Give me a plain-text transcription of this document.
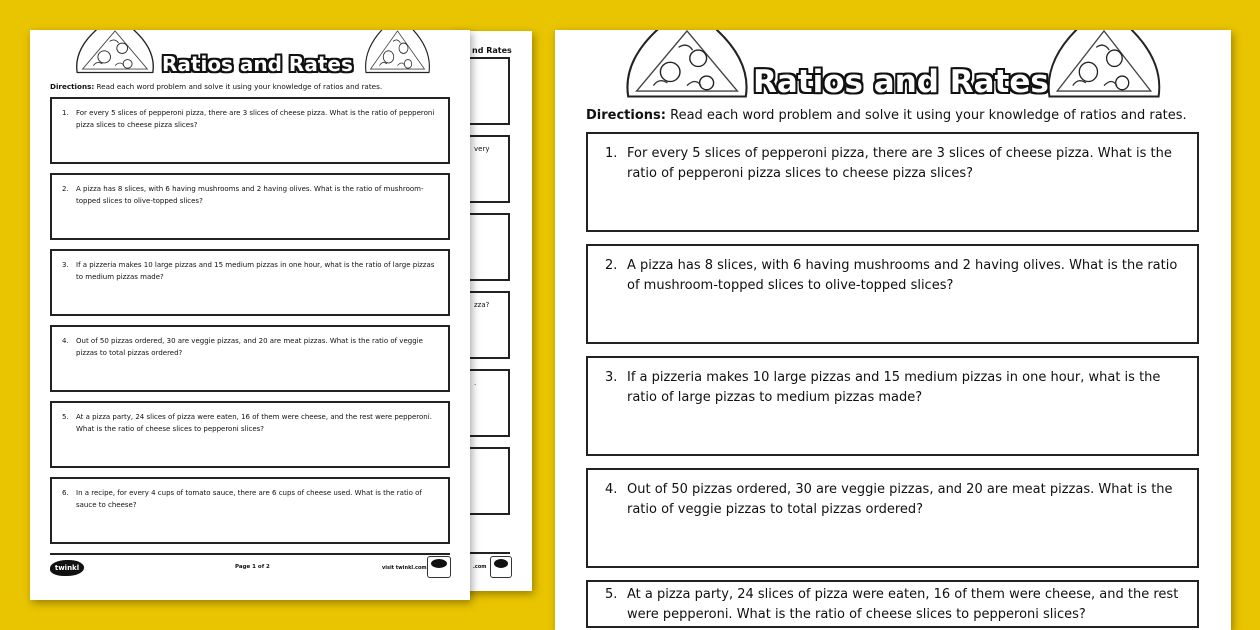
nd Rates
very
zza?
.
.com
Ratios and Rates
Directions: Read each word problem and solve it using your knowledge of ratios and rates.
1.	For every 5 slices of pepperoni pizza, there are 3 slices of cheese pizza. What is the ratio of pepperoni pizza slices to cheese pizza slices?
2.	A pizza has 8 slices, with 6 having mushrooms and 2 having olives. What is the ratio of mushroom-topped slices to olive-topped slices?
3.	If a pizzeria makes 10 large pizzas and 15 medium pizzas in one hour, what is the ratio of large pizzas to medium pizzas made?
4.	Out of 50 pizzas ordered, 30 are veggie pizzas, and 20 are meat pizzas. What is the ratio of veggie pizzas to total pizzas ordered?
5.	At a pizza party, 24 slices of pizza were eaten, 16 of them were cheese, and the rest were pepperoni. What is the ratio of cheese slices to pepperoni slices?
6.	In a recipe, for every 4 cups of tomato sauce, there are 6 cups of cheese used. What is the ratio of sauce to cheese?
twinkl	Page 1 of 2	visit twinkl.com
Ratios and Rates
Directions: Read each word problem and solve it using your knowledge of ratios and rates.
1. For every 5 slices of pepperoni pizza, there are 3 slices of cheese pizza. What is the ratio of pepperoni pizza slices to cheese pizza slices?
2. A pizza has 8 slices, with 6 having mushrooms and 2 having olives. What is the ratio of mushroom-topped slices to olive-topped slices?
3. If a pizzeria makes 10 large pizzas and 15 medium pizzas in one hour, what is the ratio of large pizzas to medium pizzas made?
4. Out of 50 pizzas ordered, 30 are veggie pizzas, and 20 are meat pizzas. What is the ratio of veggie pizzas to total pizzas ordered?
5. At a pizza party, 24 slices of pizza were eaten, 16 of them were cheese, and the rest were pepperoni. What is the ratio of cheese slices to pepperoni slices?
